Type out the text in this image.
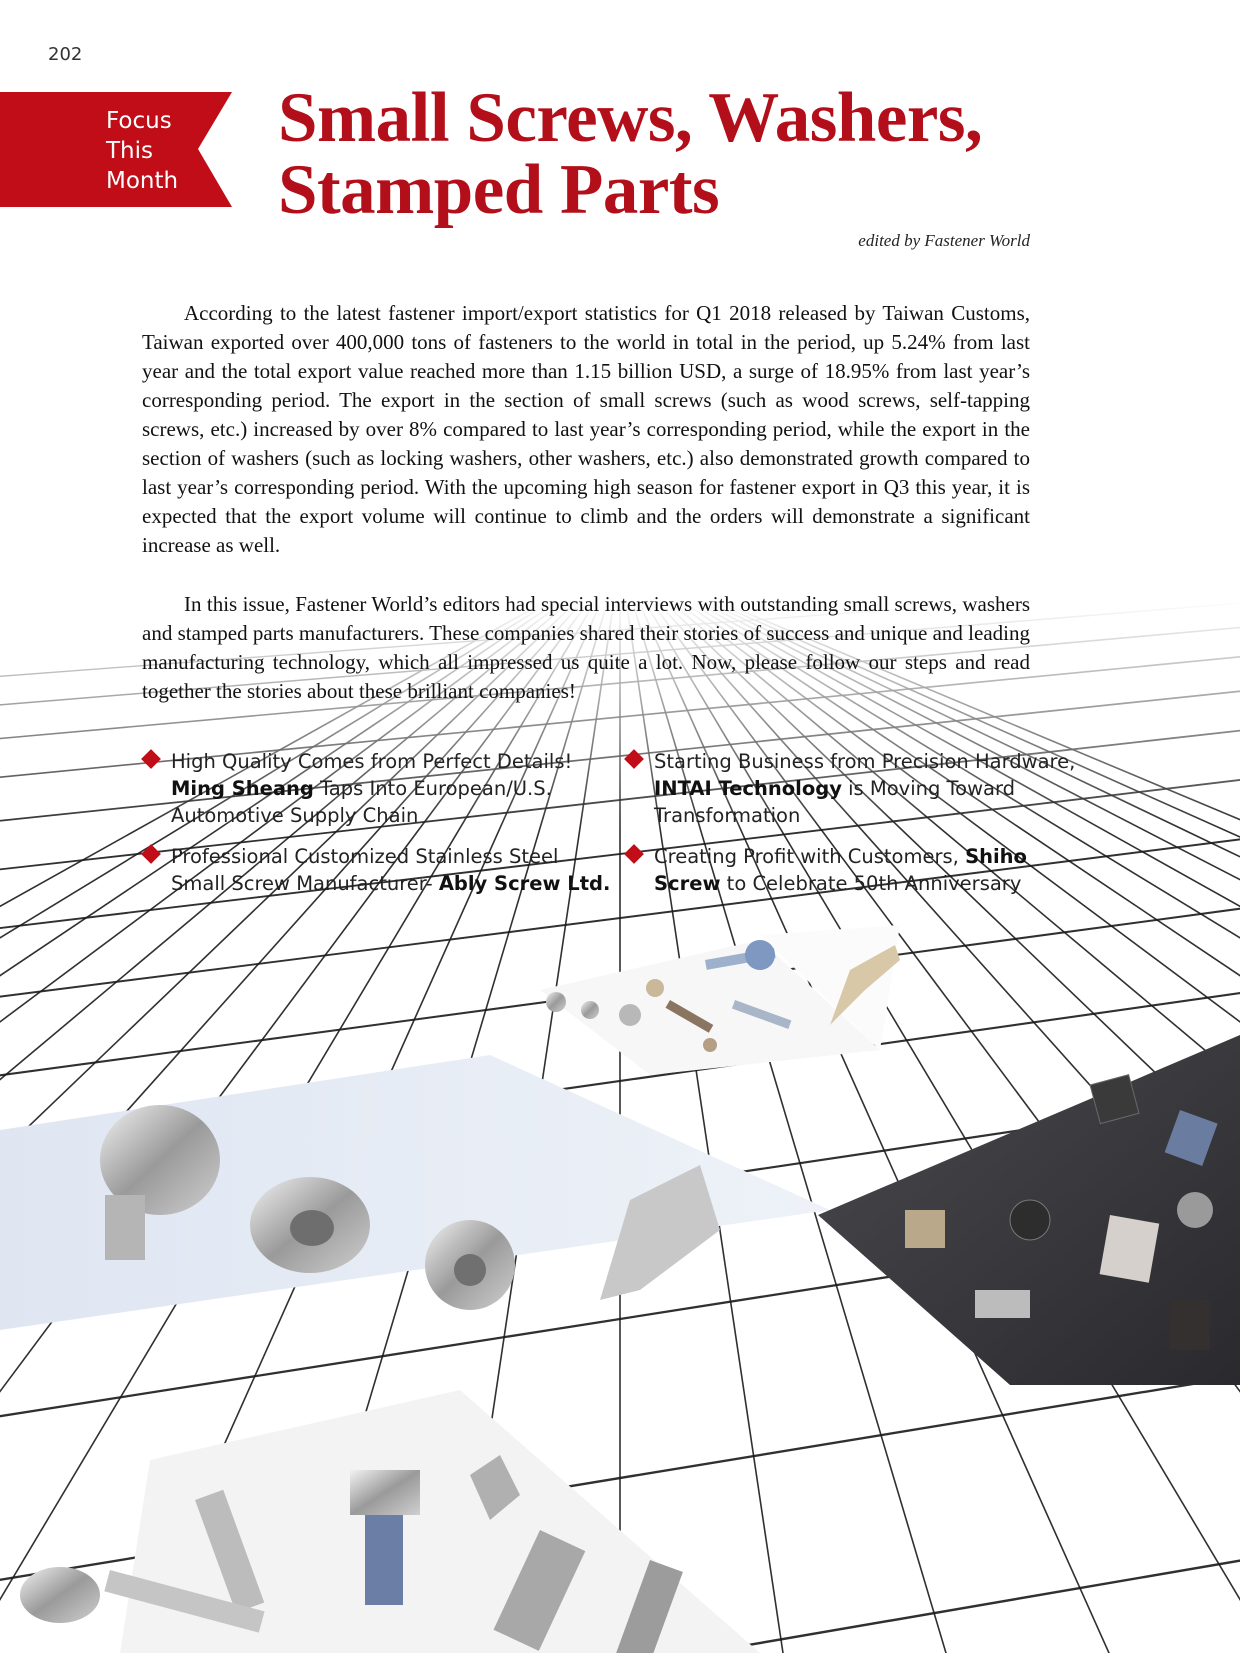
202
Focus
This
Month
Small Screws, Washers,
Stamped Parts
edited by Fastener World

According to the latest fastener import/export statistics for Q1 2018 released by Taiwan Customs, Taiwan exported over 400,000 tons of fasteners to the world in total in the period, up 5.24% from last year and the total export value reached more than 1.15 billion USD, a surge of 18.95% from last year’s corresponding period. The export in the section of small screws (such as wood screws, self-tapping screws, etc.) increased by over 8% compared to last year’s corresponding period, while the export in the section of washers (such as locking washers, other washers, etc.) also demonstrated growth compared to last year’s corresponding period. With the upcoming high season for fastener export in Q3 this year, it is expected that the export volume will continue to climb and the orders will demonstrate a significant increase as well.

In this issue, Fastener World’s editors had special interviews with outstanding small screws, washers and stamped parts manufacturers. These companies shared their stories of success and unique and leading manufacturing technology, which all impressed us quite a lot. Now, please follow our steps and read together the stories about these brilliant companies!

High Quality Comes from Perfect Details! Ming Sheang Taps Into European/U.S. Automotive Supply Chain
Starting Business from Precision Hardware, INTAI Technology is Moving Toward Transformation
Professional Customized Stainless Steel Small Screw Manufacturer- Ably Screw Ltd.
Creating Profit with Customers, Shiho Screw to Celebrate 50th Anniversary
